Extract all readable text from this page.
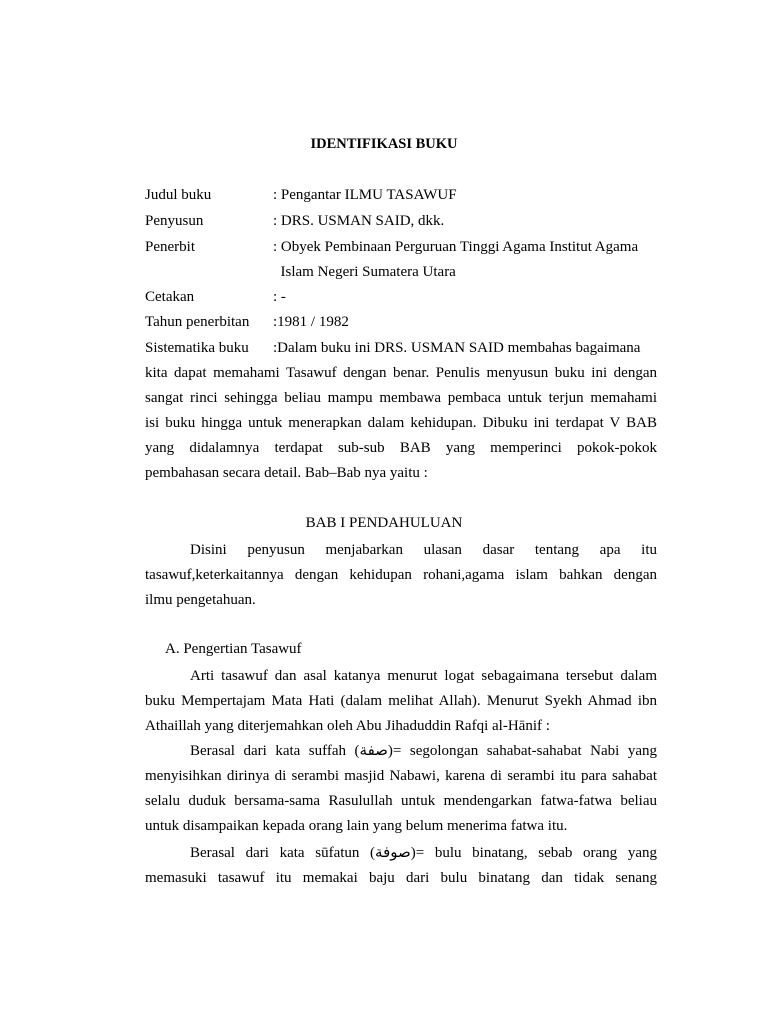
IDENTIFIKASI BUKU
Judul buku	: Pengantar ILMU TASAWUF
Penyusun	: DRS. USMAN SAID, dkk.
Penerbit	: Obyek Pembinaan Perguruan Tinggi Agama Institut Agama
Islam Negeri Sumatera Utara
Cetakan	: -
Tahun penerbitan :1981 / 1982
Sistematika buku :Dalam buku ini DRS. USMAN SAID membahas bagaimana
kita dapat memahami Tasawuf dengan benar. Penulis menyusun buku ini dengan
sangat rinci sehingga beliau mampu membawa pembaca untuk terjun memahami
isi buku hingga untuk menerapkan dalam kehidupan. Dibuku ini terdapat V BAB
yang didalamnya terdapat sub-sub BAB yang memperinci pokok-pokok
pembahasan secara detail. Bab–Bab nya yaitu :
BAB I PENDAHULUAN
Disini penyusun menjabarkan ulasan dasar tentang apa itu
tasawuf,keterkaitannya dengan kehidupan rohani,agama islam bahkan dengan
ilmu pengetahuan.
A. Pengertian Tasawuf
Arti tasawuf dan asal katanya menurut logat sebagaimana tersebut dalam
buku Mempertajam Mata Hati (dalam melihat Allah). Menurut Syekh Ahmad ibn
Athaillah yang diterjemahkan oleh Abu Jihaduddin Rafqi al-Hānif :
Berasal dari kata suffah (صفة)= segolongan sahabat-sahabat Nabi yang
menyisihkan dirinya di serambi masjid Nabawi, karena di serambi itu para sahabat
selalu duduk bersama-sama Rasulullah untuk mendengarkan fatwa-fatwa beliau
untuk disampaikan kepada orang lain yang belum menerima fatwa itu.
Berasal dari kata sūfatun (صوفة)= bulu binatang, sebab orang yang
memasuki tasawuf itu memakai baju dari bulu binatang dan tidak senang
